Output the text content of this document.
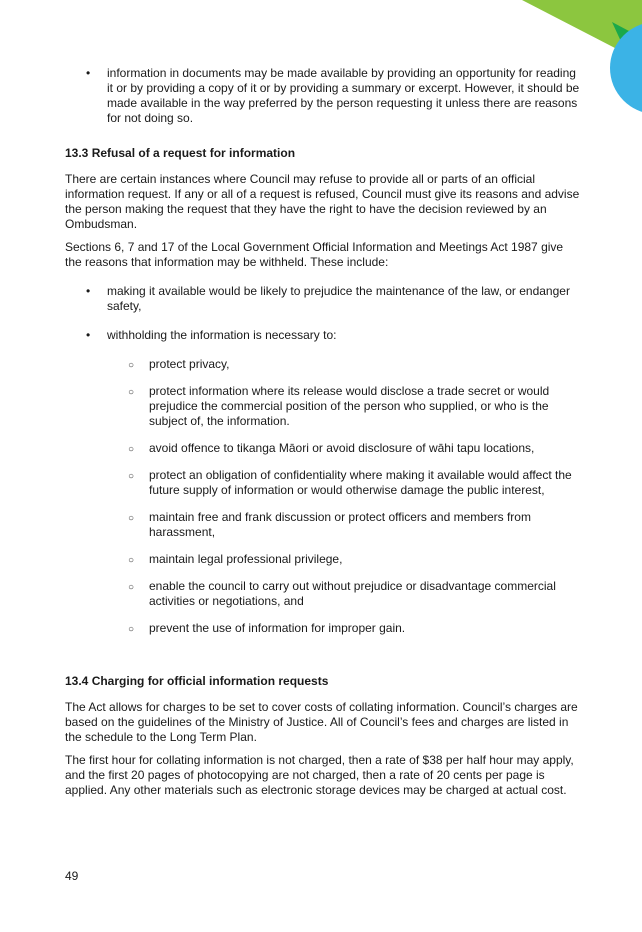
• information in documents may be made available by providing an opportunity for reading it or by providing a copy of it or by providing a summary or excerpt. However, it should be made available in the way preferred by the person requesting it unless there are reasons for not doing so.
13.3 Refusal of a request for information

There are certain instances where Council may refuse to provide all or parts of an official information request. If any or all of a request is refused, Council must give its reasons and advise the person making the request that they have the right to have the decision reviewed by an Ombudsman.

Sections 6, 7 and 17 of the Local Government Official Information and Meetings Act 1987 give the reasons that information may be withheld. These include:

• making it available would be likely to prejudice the maintenance of the law, or endanger safety,
• withholding the information is necessary to:
○ protect privacy,
○ protect information where its release would disclose a trade secret or would prejudice the commercial position of the person who supplied, or who is the subject of, the information.
○ avoid offence to tikanga Māori or avoid disclosure of wāhi tapu locations,
○ protect an obligation of confidentiality where making it available would affect the future supply of information or would otherwise damage the public interest,
○ maintain free and frank discussion or protect officers and members from harassment,
○ maintain legal professional privilege,
○ enable the council to carry out without prejudice or disadvantage commercial activities or negotiations, and
○ prevent the use of information for improper gain.
13.4 Charging for official information requests

The Act allows for charges to be set to cover costs of collating information. Council’s charges are based on the guidelines of the Ministry of Justice. All of Council’s fees and charges are listed in the schedule to the Long Term Plan.

The first hour for collating information is not charged, then a rate of $38 per half hour may apply, and the first 20 pages of photocopying are not charged, then a rate of 20 cents per page is applied. Any other materials such as electronic storage devices may be charged at actual cost.

49
